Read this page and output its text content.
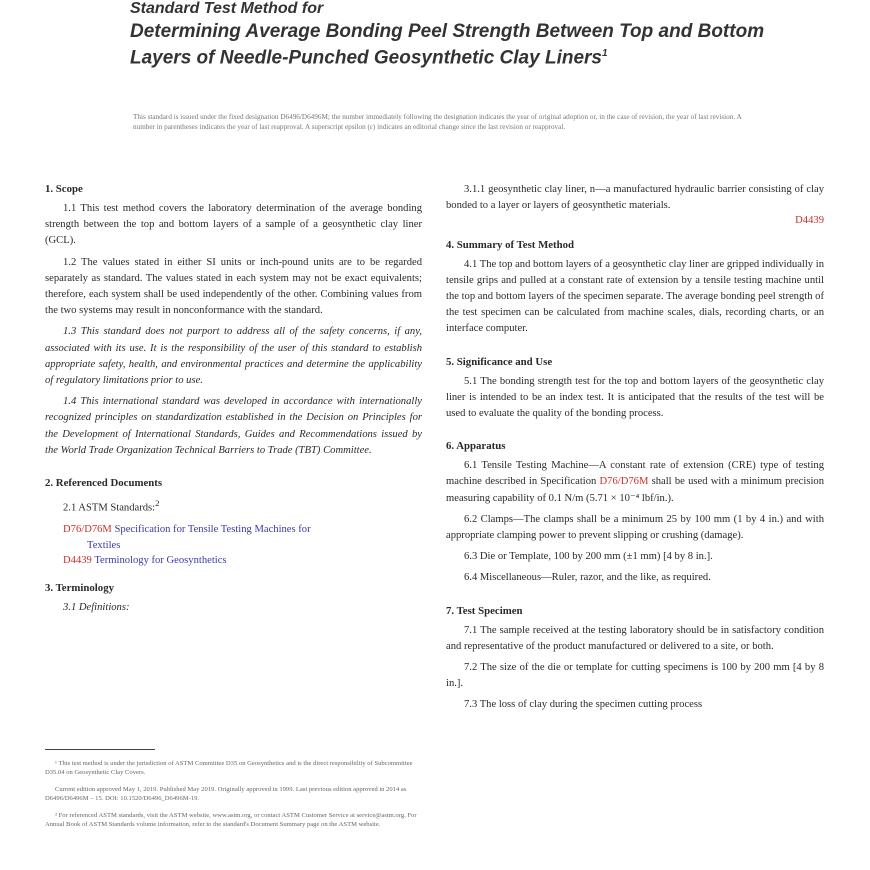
Standard Test Method for
Determining Average Bonding Peel Strength Between Top and Bottom Layers of Needle-Punched Geosynthetic Clay Liners$^1$
This standard is issued under the fixed designation D6496/D6496M; the number immediately following the designation indicates the year of original adoption or, in the case of revision, the year of last revision. A number in parentheses indicates the year of last reapproval. A superscript epsilon (ε) indicates an editorial change since the last revision or reapproval.
1. Scope

1.1 This test method covers the laboratory determination of the average bonding strength between the top and bottom layers of a sample of a geosynthetic clay liner (GCL).

1.2 The values stated in either SI units or inch-pound units are to be regarded separately as standard. The values stated in each system may not be exact equivalents; therefore, each system shall be used independently of the other. Combining values from the two systems may result in nonconformance with the standard.

1.3 This standard does not purport to address all of the safety concerns, if any, associated with its use. It is the responsibility of the user of this standard to establish appropriate safety, health, and environmental practices and determine the applicability of regulatory limitations prior to use.

1.4 This international standard was developed in accordance with internationally recognized principles on standardization established in the Decision on Principles for the Development of International Standards, Guides and Recommendations issued by the World Trade Organization Technical Barriers to Trade (TBT) Committee.

2. Referenced Documents

2.1 ASTM Standards:$^2$

D76/D76M Specification for Tensile Testing Machines for
Textiles
D4439 Terminology for Geosynthetics
3. Terminology

3.1 Definitions:

¹ This test method is under the jurisdiction of ASTM Committee D35 on Geosynthetics and is the direct responsibility of Subcommittee D35.04 on Geosynthetic Clay Covers.

Current edition approved May 1, 2019. Published May 2019. Originally approved in 1999. Last previous edition approved in 2014 as D6496/D6496M – 15. DOI: 10.1520/D6496_D6496M-19.

² For referenced ASTM standards, visit the ASTM website, www.astm.org, or contact ASTM Customer Service at service@astm.org. For Annual Book of ASTM Standards volume information, refer to the standard's Document Summary page on the ASTM website.

3.1.1 geosynthetic clay liner, n—a manufactured hydraulic barrier consisting of clay bonded to a layer or layers of geosynthetic materials.

D4439
4. Summary of Test Method

4.1 The top and bottom layers of a geosynthetic clay liner are gripped individually in tensile grips and pulled at a constant rate of extension by a tensile testing machine until the top and bottom layers of the specimen separate. The average bonding peel strength of the test specimen can be calculated from machine scales, dials, recording charts, or an interface computer.

5. Significance and Use

5.1 The bonding strength test for the top and bottom layers of the geosynthetic clay liner is intended to be an index test. It is anticipated that the results of the test will be used to evaluate the quality of the bonding process.

6. Apparatus

6.1 Tensile Testing Machine—A constant rate of extension (CRE) type of testing machine described in Specification D76/D76M shall be used with a minimum precision measuring capability of 0.1 N/m (5.71 × 10⁻⁴ lbf/in.).

6.2 Clamps—The clamps shall be a minimum 25 by 100 mm (1 by 4 in.) and with appropriate clamping power to prevent slipping or crushing (damage).

6.3 Die or Template, 100 by 200 mm (±1 mm) [4 by 8 in.].

6.4 Miscellaneous—Ruler, razor, and the like, as required.

7. Test Specimen

7.1 The sample received at the testing laboratory should be in satisfactory condition and representative of the product manufactured or delivered to a site, or both.

7.2 The size of the die or template for cutting specimens is 100 by 200 mm [4 by 8 in.].

7.3 The loss of clay during the specimen cutting process
